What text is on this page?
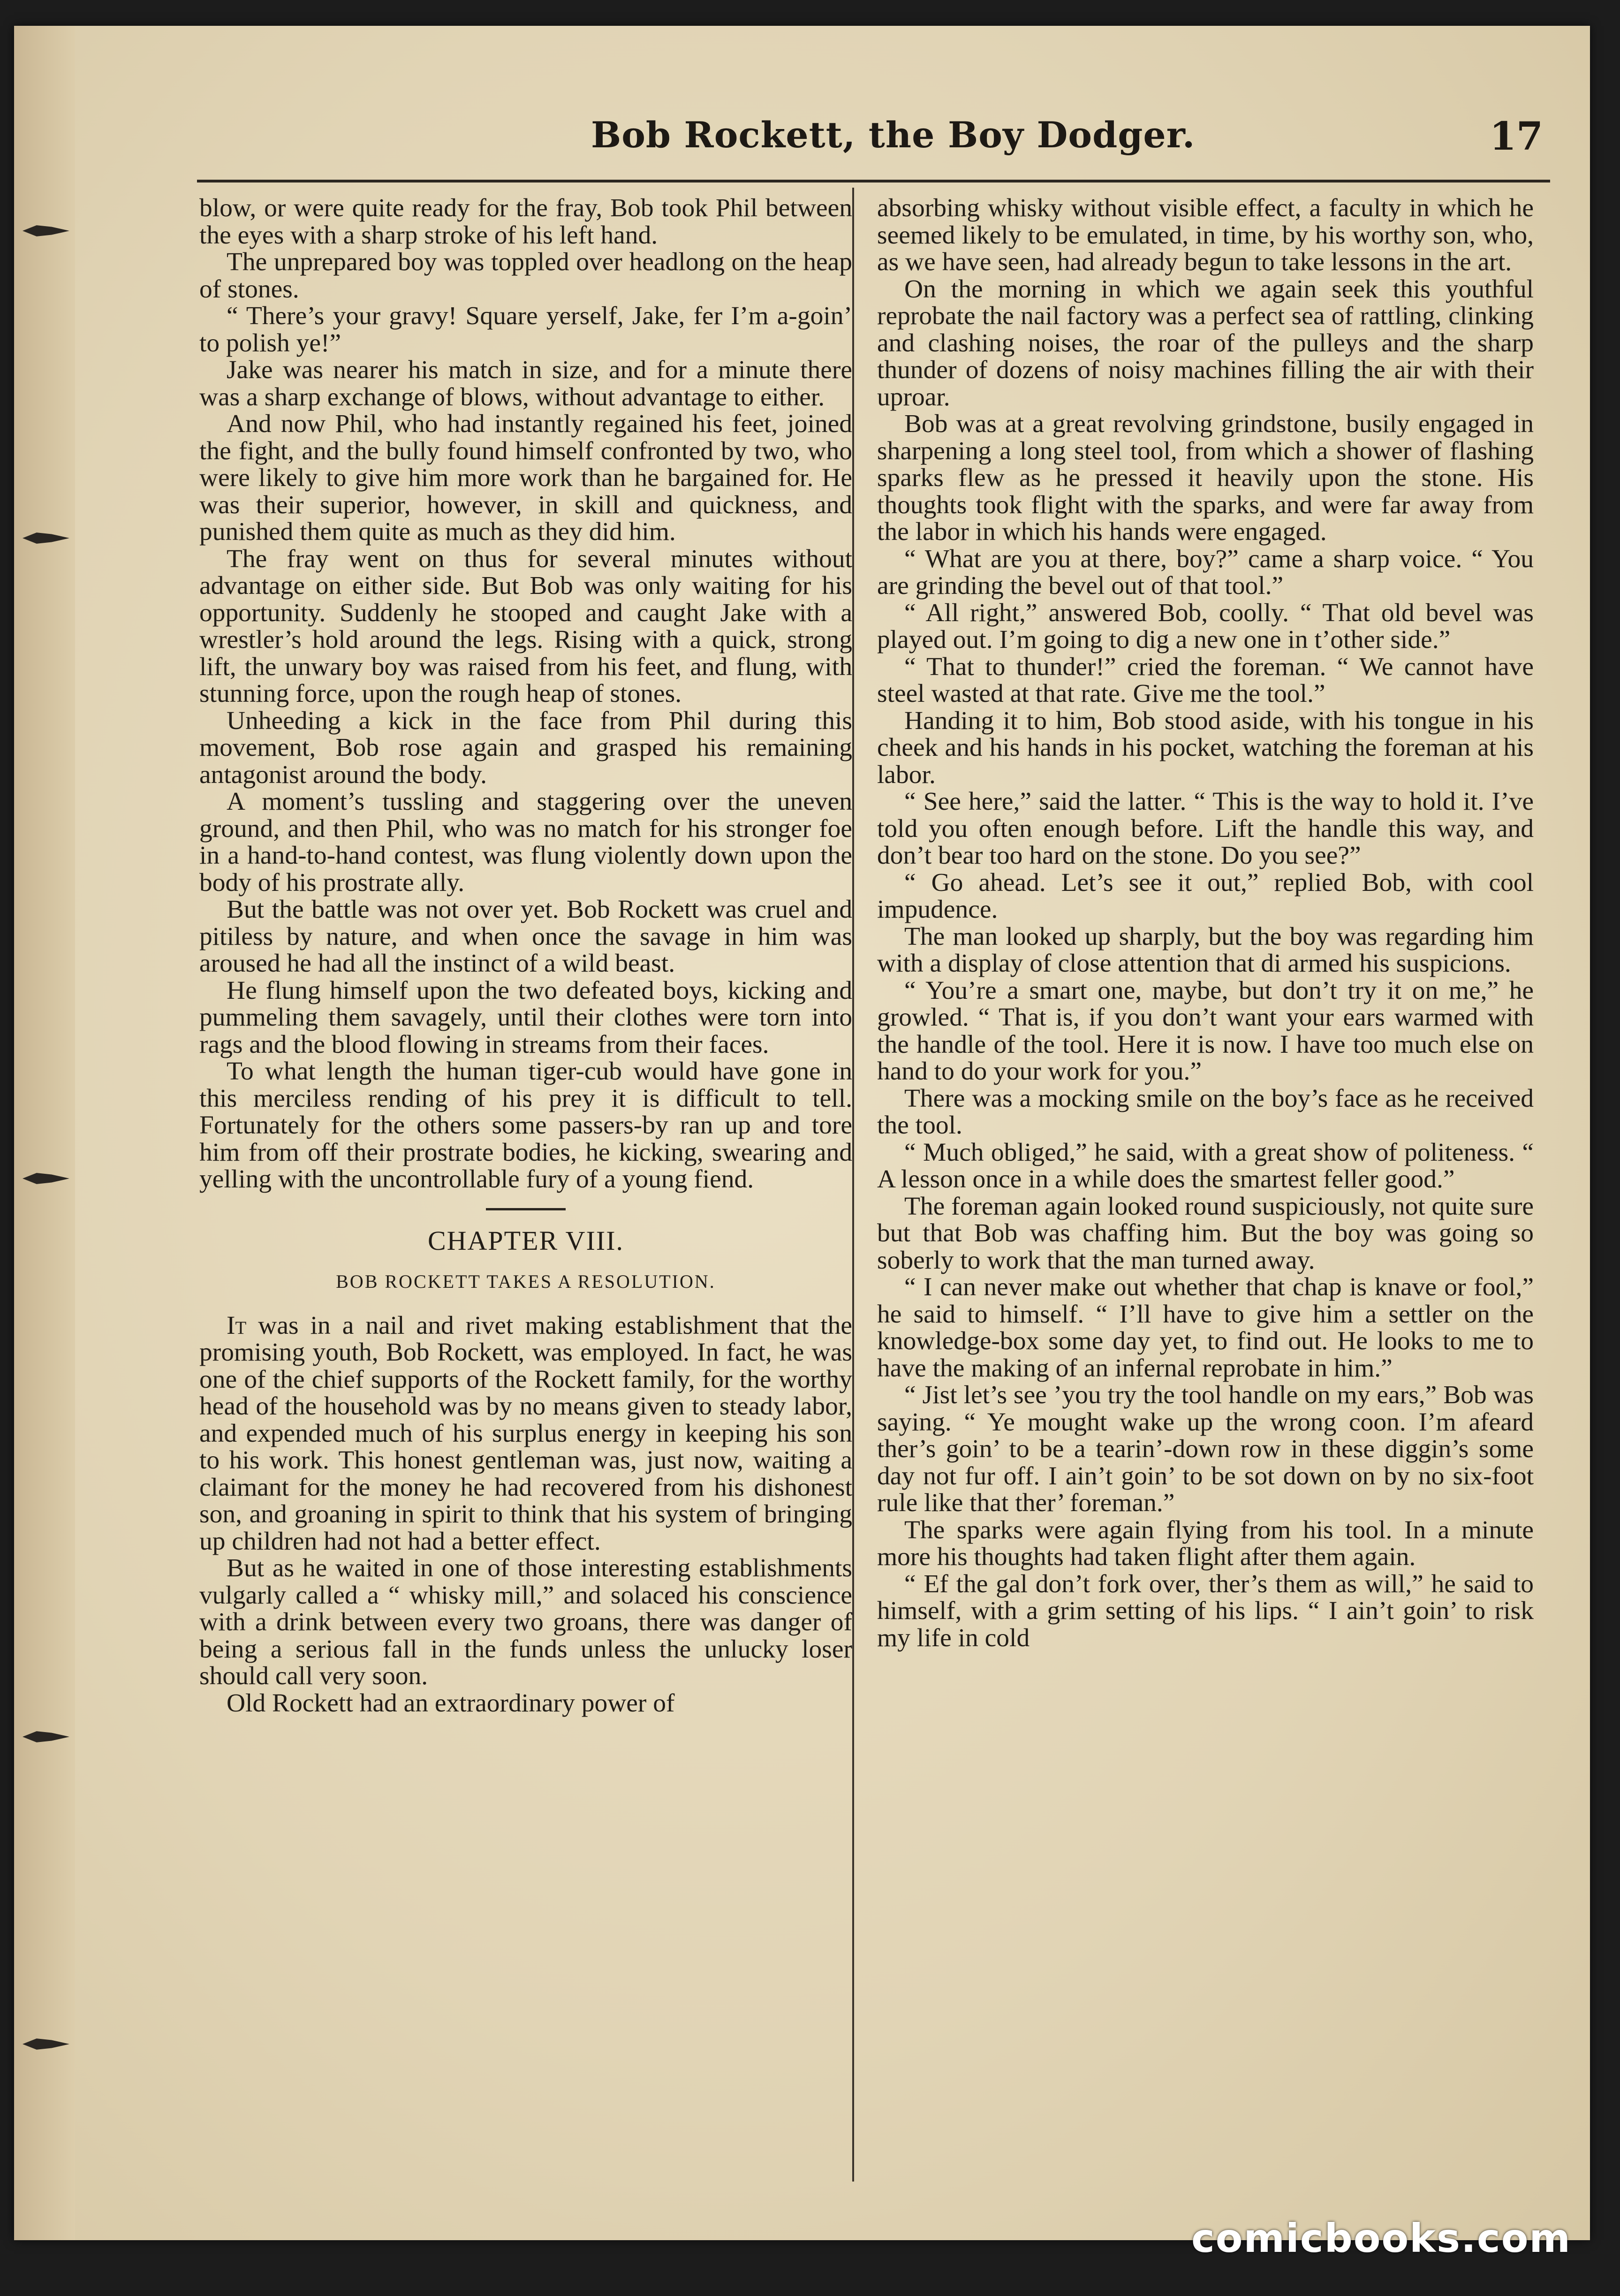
Bob Rockett, the Boy Dodger.	17

blow, or were quite ready for the fray, Bob took Phil between the eyes with a sharp stroke of his left hand.

The unprepared boy was toppled over headlong on the heap of stones.

“ There’s your gravy! Square yerself, Jake, fer I’m a-goin’ to polish ye!”

Jake was nearer his match in size, and for a minute there was a sharp exchange of blows, without advantage to either.

And now Phil, who had instantly regained his feet, joined the fight, and the bully found himself confronted by two, who were likely to give him more work than he bargained for. He was their superior, however, in skill and quickness, and punished them quite as much as they did him.

The fray went on thus for several minutes without advantage on either side. But Bob was only waiting for his opportunity. Suddenly he stooped and caught Jake with a wrestler’s hold around the legs. Rising with a quick, strong lift, the unwary boy was raised from his feet, and flung, with stunning force, upon the rough heap of stones.

Unheeding a kick in the face from Phil during this movement, Bob rose again and grasped his remaining antagonist around the body.

A moment’s tussling and staggering over the uneven ground, and then Phil, who was no match for his stronger foe in a hand-to-hand contest, was flung violently down upon the body of his prostrate ally.

But the battle was not over yet. Bob Rockett was cruel and pitiless by nature, and when once the savage in him was aroused he had all the instinct of a wild beast.

He flung himself upon the two defeated boys, kicking and pummeling them savagely, until their clothes were torn into rags and the blood flowing in streams from their faces.

To what length the human tiger-cub would have gone in this merciless rending of his prey it is difficult to tell. Fortunately for the others some passers-by ran up and tore him from off their prostrate bodies, he kicking, swearing and yelling with the uncontrollable fury of a young fiend.

CHAPTER VIII.

BOB ROCKETT TAKES A RESOLUTION.

It was in a nail and rivet making establishment that the promising youth, Bob Rockett, was employed. In fact, he was one of the chief supports of the Rockett family, for the worthy head of the household was by no means given to steady labor, and expended much of his surplus energy in keeping his son to his work. This honest gentleman was, just now, waiting a claimant for the money he had recovered from his dishonest son, and groaning in spirit to think that his system of bringing up children had not had a better effect.

But as he waited in one of those interesting establishments vulgarly called a “ whisky mill,” and solaced his conscience with a drink between every two groans, there was danger of being a serious fall in the funds unless the unlucky loser should call very soon.

Old Rockett had an extraordinary power of

absorbing whisky without visible effect, a faculty in which he seemed likely to be emulated, in time, by his worthy son, who, as we have seen, had already begun to take lessons in the art.

On the morning in which we again seek this youthful reprobate the nail factory was a perfect sea of rattling, clinking and clashing noises, the roar of the pulleys and the sharp thunder of dozens of noisy machines filling the air with their uproar.

Bob was at a great revolving grindstone, busily engaged in sharpening a long steel tool, from which a shower of flashing sparks flew as he pressed it heavily upon the stone. His thoughts took flight with the sparks, and were far away from the labor in which his hands were engaged.

“ What are you at there, boy?” came a sharp voice. “ You are grinding the bevel out of that tool.”

“ All right,” answered Bob, coolly. “ That old bevel was played out. I’m going to dig a new one in t’other side.”

“ That to thunder!” cried the foreman. “ We cannot have steel wasted at that rate. Give me the tool.”

Handing it to him, Bob stood aside, with his tongue in his cheek and his hands in his pocket, watching the foreman at his labor.

“ See here,” said the latter. “ This is the way to hold it. I’ve told you often enough before. Lift the handle this way, and don’t bear too hard on the stone. Do you see?”

“ Go ahead. Let’s see it out,” replied Bob, with cool impudence.

The man looked up sharply, but the boy was regarding him with a display of close attention that di armed his suspicions.

“ You’re a smart one, maybe, but don’t try it on me,” he growled. “ That is, if you don’t want your ears warmed with the handle of the tool. Here it is now. I have too much else on hand to do your work for you.”

There was a mocking smile on the boy’s face as he received the tool.

“ Much obliged,” he said, with a great show of politeness. “ A lesson once in a while does the smartest feller good.”

The foreman again looked round suspiciously, not quite sure but that Bob was chaffing him. But the boy was going so soberly to work that the man turned away.

“ I can never make out whether that chap is knave or fool,” he said to himself. “ I’ll have to give him a settler on the knowledge-box some day yet, to find out. He looks to me to have the making of an infernal reprobate in him.”

“ Jist let’s see ’you try the tool handle on my ears,” Bob was saying. “ Ye mought wake up the wrong coon. I’m afeard ther’s goin’ to be a tearin’-down row in these diggin’s some day not fur off. I ain’t goin’ to be sot down on by no six-foot rule like that ther’ foreman.”

The sparks were again flying from his tool. In a minute more his thoughts had taken flight after them again.

“ Ef the gal don’t fork over, ther’s them as will,” he said to himself, with a grim setting of his lips. “ I ain’t goin’ to risk my life in cold

comicbooks.com
